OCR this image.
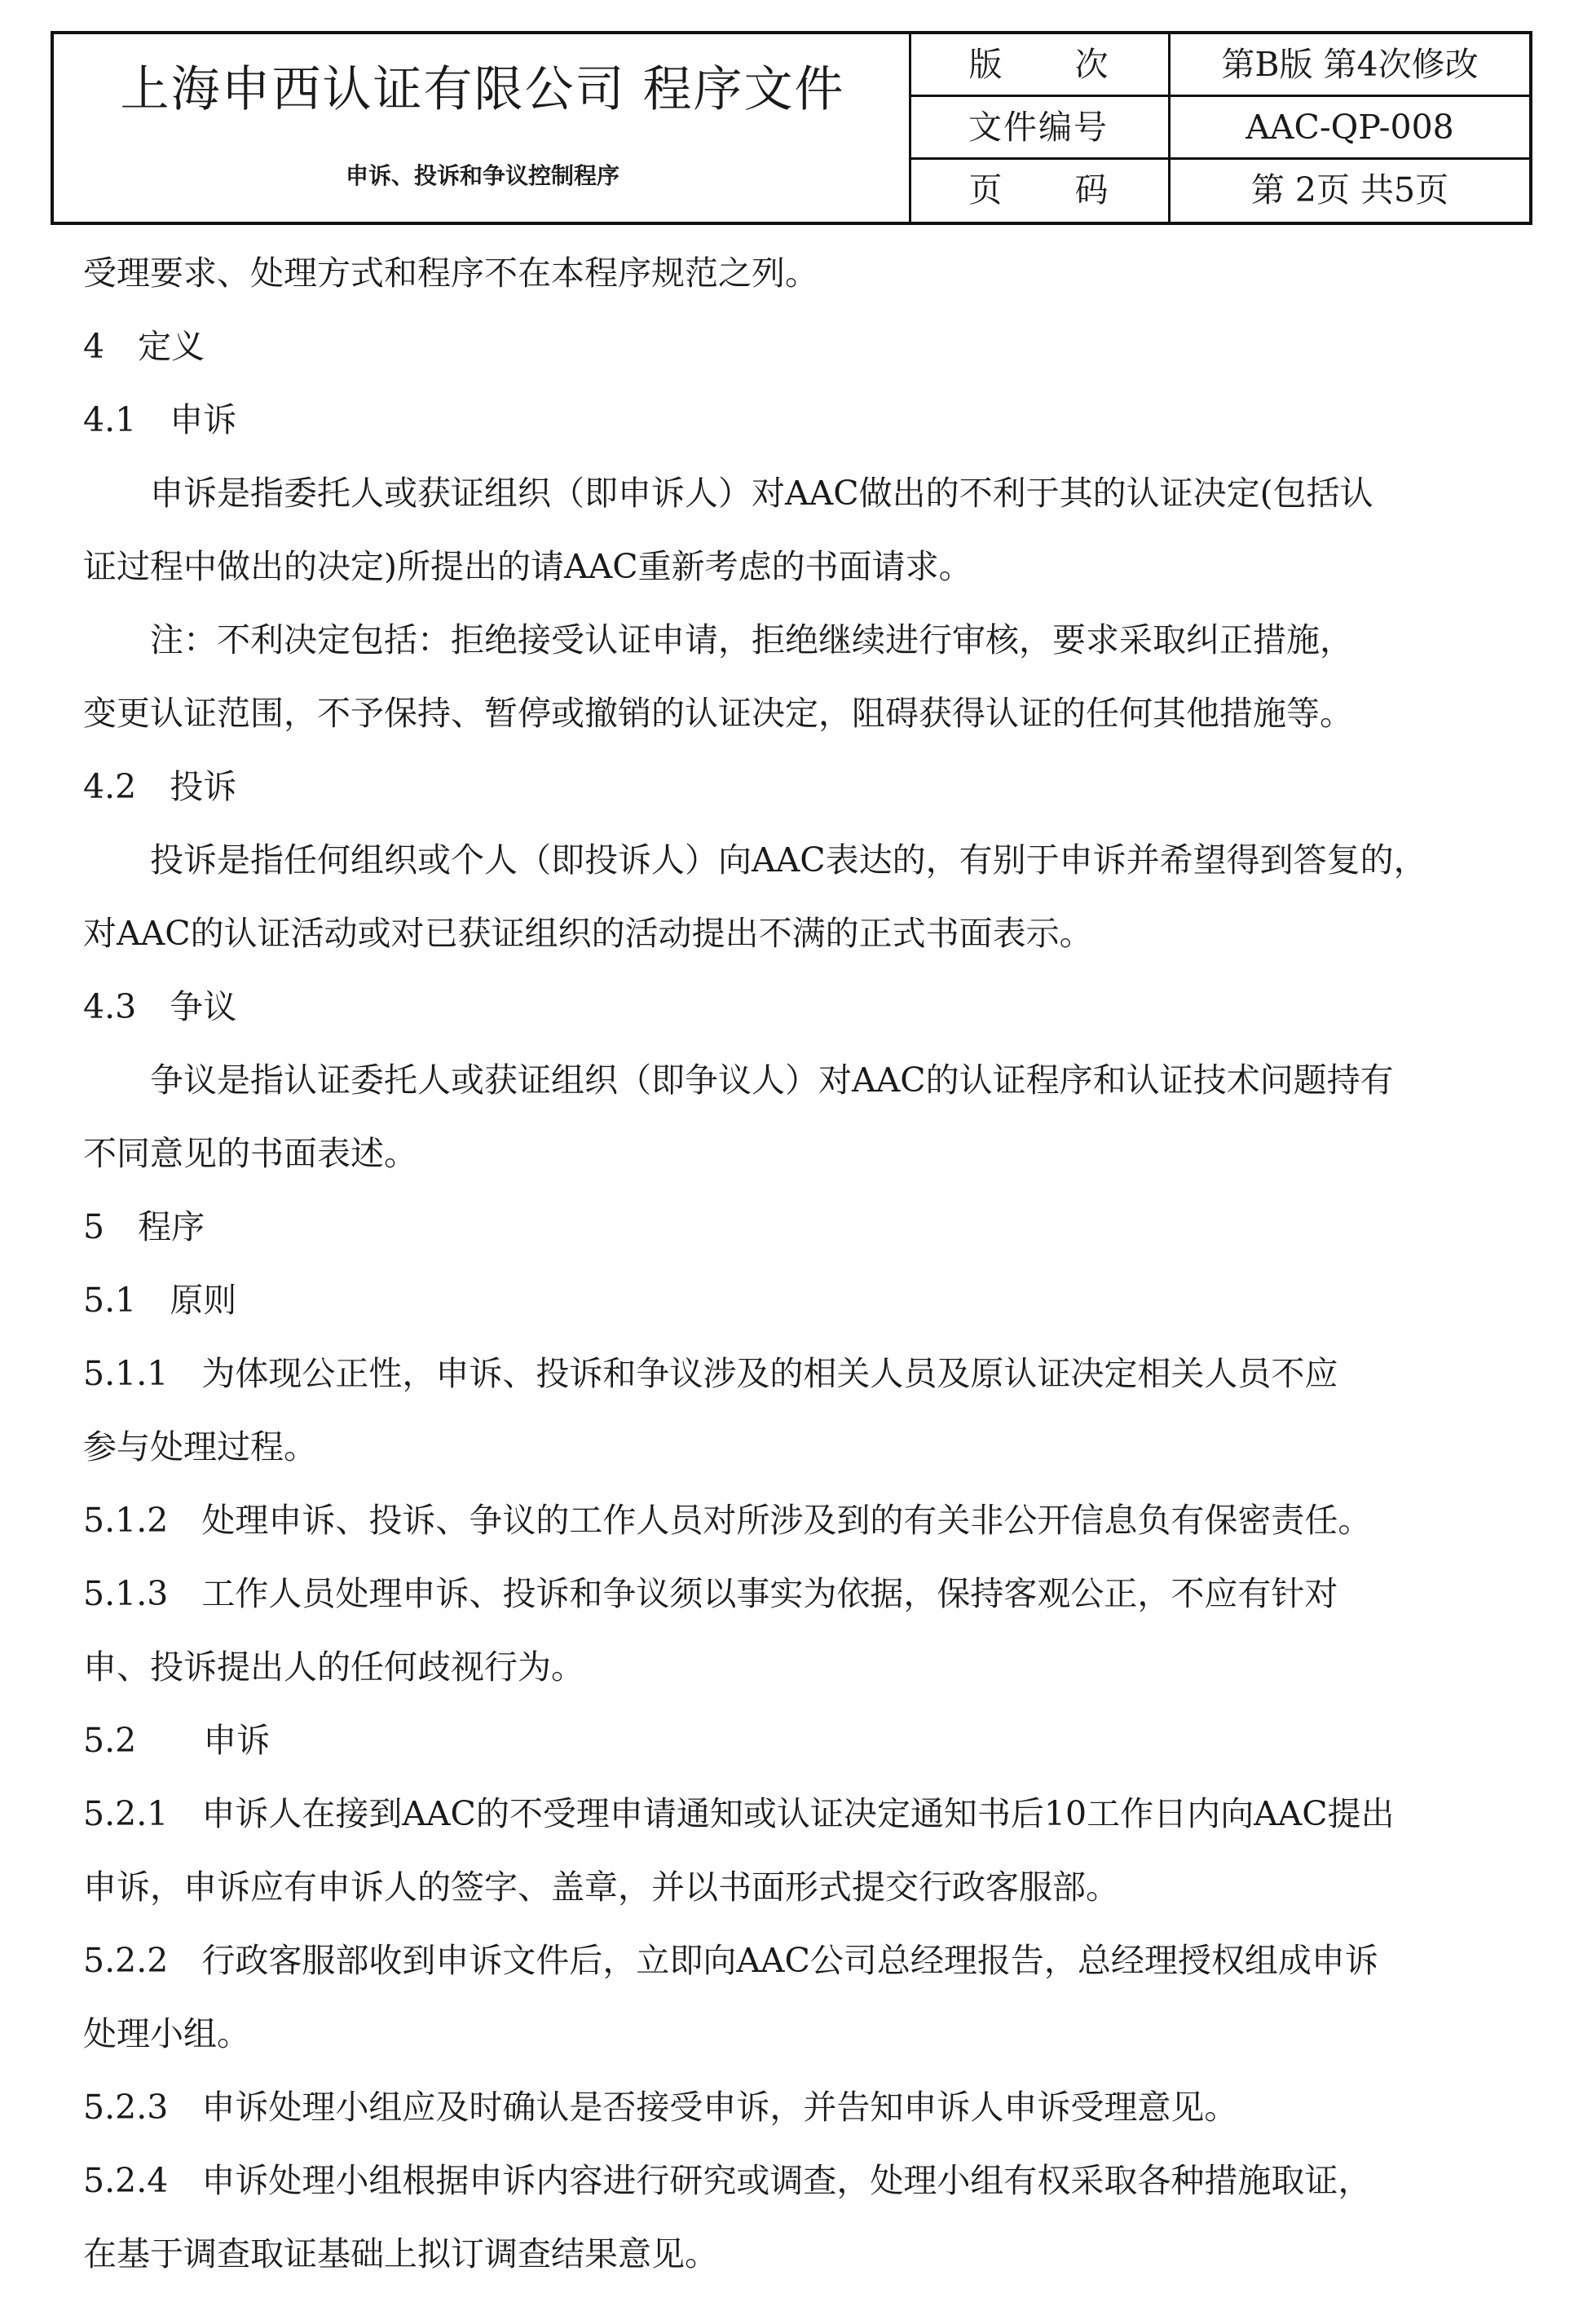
上海申西认证有限公司 程序文件
申诉、投诉和争议控制程序
版 次	第B版 第4次修改
文件编号	AAC-QP-008
页 码	第 2页 共5页
受理要求、处理方式和程序不在本程序规范之列。
4　定义
4.1　申诉
申诉是指委托人或获证组织（即申诉人）对AAC做出的不利于其的认证决定(包括认
证过程中做出的决定)所提出的请AAC重新考虑的书面请求。
注：不利决定包括：拒绝接受认证申请，拒绝继续进行审核，要求采取纠正措施，
变更认证范围，不予保持、暂停或撤销的认证决定，阻碍获得认证的任何其他措施等。
4.2　投诉
投诉是指任何组织或个人（即投诉人）向AAC表达的，有别于申诉并希望得到答复的，
对AAC的认证活动或对已获证组织的活动提出不满的正式书面表示。
4.3　争议
争议是指认证委托人或获证组织（即争议人）对AAC的认证程序和认证技术问题持有
不同意见的书面表述。
5　程序
5.1　原则
5.1.1　为体现公正性，申诉、投诉和争议涉及的相关人员及原认证决定相关人员不应
参与处理过程。
5.1.2　处理申诉、投诉、争议的工作人员对所涉及到的有关非公开信息负有保密责任。
5.1.3　工作人员处理申诉、投诉和争议须以事实为依据，保持客观公正，不应有针对
申、投诉提出人的任何歧视行为。
5.2　　申诉
5.2.1　申诉人在接到AAC的不受理申请通知或认证决定通知书后10工作日内向AAC提出
申诉，申诉应有申诉人的签字、盖章，并以书面形式提交行政客服部。
5.2.2　行政客服部收到申诉文件后，立即向AAC公司总经理报告，总经理授权组成申诉
处理小组。
5.2.3　申诉处理小组应及时确认是否接受申诉，并告知申诉人申诉受理意见。
5.2.4　申诉处理小组根据申诉内容进行研究或调查，处理小组有权采取各种措施取证，
在基于调查取证基础上拟订调查结果意见。
